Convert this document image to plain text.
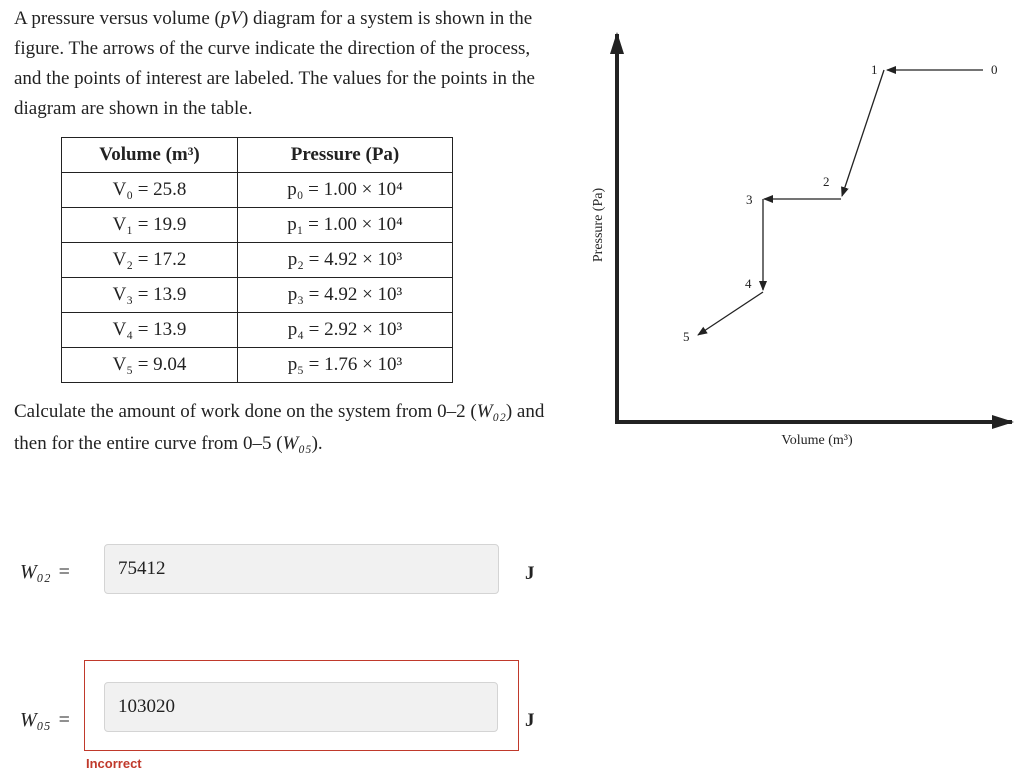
A pressure versus volume (pV) diagram for a system is shown in the figure. The arrows of the curve indicate the direction of the process, and the points of interest are labeled. The values for the points in the diagram are shown in the table.

Volume (m³)	Pressure (Pa)
V₀ = 25.8	p₀ = 1.00 × 10⁴
V₁ = 19.9	p₁ = 1.00 × 10⁴
V₂ = 17.2	p₂ = 4.92 × 10³
V₃ = 13.9	p₃ = 4.92 × 10³
V₄ = 13.9	p₄ = 2.92 × 10³
V₅ = 9.04	p₅ = 1.76 × 10³

Calculate the amount of work done on the system from 0–2 (W₀₂) and then for the entire curve from 0–5 (W₀₅).

W₀₂ =	75412	J
W₀₅ =
103020
J
Incorrect
Pressure (Pa)
Volume (m³)
0
1
2
3
4
5
